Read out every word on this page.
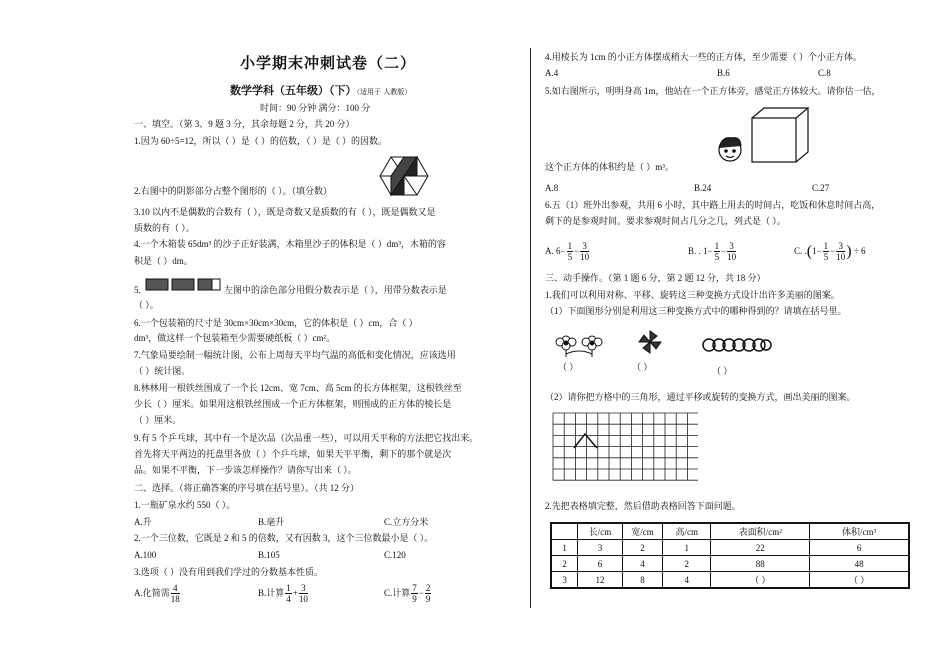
小学期末冲刺试卷（二）
数学学科（五年级）（下）（适用于 人教版）
时间：90 分钟 满分：100 分
一、填空。（第 3、9 题 3 分，其余每题 2 分，共 20 分）
1.因为 60÷5=12，所以（ ）是（ ）的倍数，（ ）是（ ）的因数。
2.右图中的阴影部分占整个图形的（ ）。（填分数）
3.10 以内不是偶数的合数有（ ），既是奇数又是质数的有（ ），既是偶数又是
质数的有（ ）。
4.一个木箱装 65dm³ 的沙子正好装满，木箱里沙子的体积是（ ）dm³，木箱的容
积是（ ）dm。
5.	左图中的涂色部分用假分数表示是（ ），用带分数表示是
（ ）。
6.一个包装箱的尺寸是 30cm×30cm×30cm，它的体积是（ ）cm，合（ ）
dm³，做这样一个包装箱至少需要硬纸板（ ）cm²。
7.气象局要绘制一幅统计图，公布上周每天平均气温的高低和变化情况，应该选用
（ ）统计图。
8.林林用一根铁丝围成了一个长 12cm、宽 7cm、高 5cm 的长方体框架，这根铁丝至
少长（ ）厘米。如果用这根铁丝围成一个正方体框架，则围成的正方体的棱长是
（ ）厘米。
9.有 5 个乒乓球，其中有一个是次品（次品重一些），可以用天平称的方法把它找出来。
首先将天平两边的托盘里各放（ ）个乒乓球，如果天平平衡，剩下的那个就是次
品。如果不平衡，下一步该怎样操作？请你写出来（ ）。
二、选择。（将正确答案的序号填在括号里）。（共 12 分）
1.一瓶矿泉水约 550（ ）。
A.升	B.毫升	C.立方分米
2.一个三位数，它既是 2 和 5 的倍数，又有因数 3，这个三位数最小是（ ）。
A.100	B.105	C.120
3.选项（ ）没有用到我们学过的分数基本性质。
A.化简需 $\frac{4}{18}$	B.计算 $\frac{1}{4} + \frac{3}{10}$	C.计算 $\frac{7}{9} - \frac{2}{9}$
4.用棱长为 1cm 的小正方体摆成稍大一些的正方体，至少需要（ ）个小正方体。
A.4	B.6	C.8
5.如右图所示，明明身高 1m，他站在一个正方体旁，感觉正方体较大。请你估一估，
这个正方体的体积约是（ ）m³。
A.8	B.24	C.27
6.五（1）班外出参观，共用 6 小时，其中路上用去的时间占，吃饭和休息时间占高，
剩下的是参观时间。要求参观时间占几分之几，列式是（ ）。
A. $6- \frac{1}{5} - \frac{3}{10}$	B. . $1- \frac{1}{5} - \frac{3}{10}$	C. $.(1- \frac{1}{5} - \frac{3}{10}$ ) ÷ 6
三、动手操作。（第 1 题 6 分，第 2 题 12 分，共 18 分）
1.我们可以利用对称、平移、旋转这三种变换方式设计出许多美丽的图案。
（1）下面图形分别是利用这三种变换方式中的哪种得到的？请填在括号里。
（ ）	（ ）	（ ）
（2）请你把方格中的三角形，通过平移或旋转的变换方式，画出美丽的图案。
2.先把表格填完整，然后借助表格回答下面问题。
	长/cm	宽/cm	高/cm	表面积/cm²	体积/cm³
1	3	2	1	22	6
2	6	4	2	88	48
3	12	8	4	（ ）	（ ）
